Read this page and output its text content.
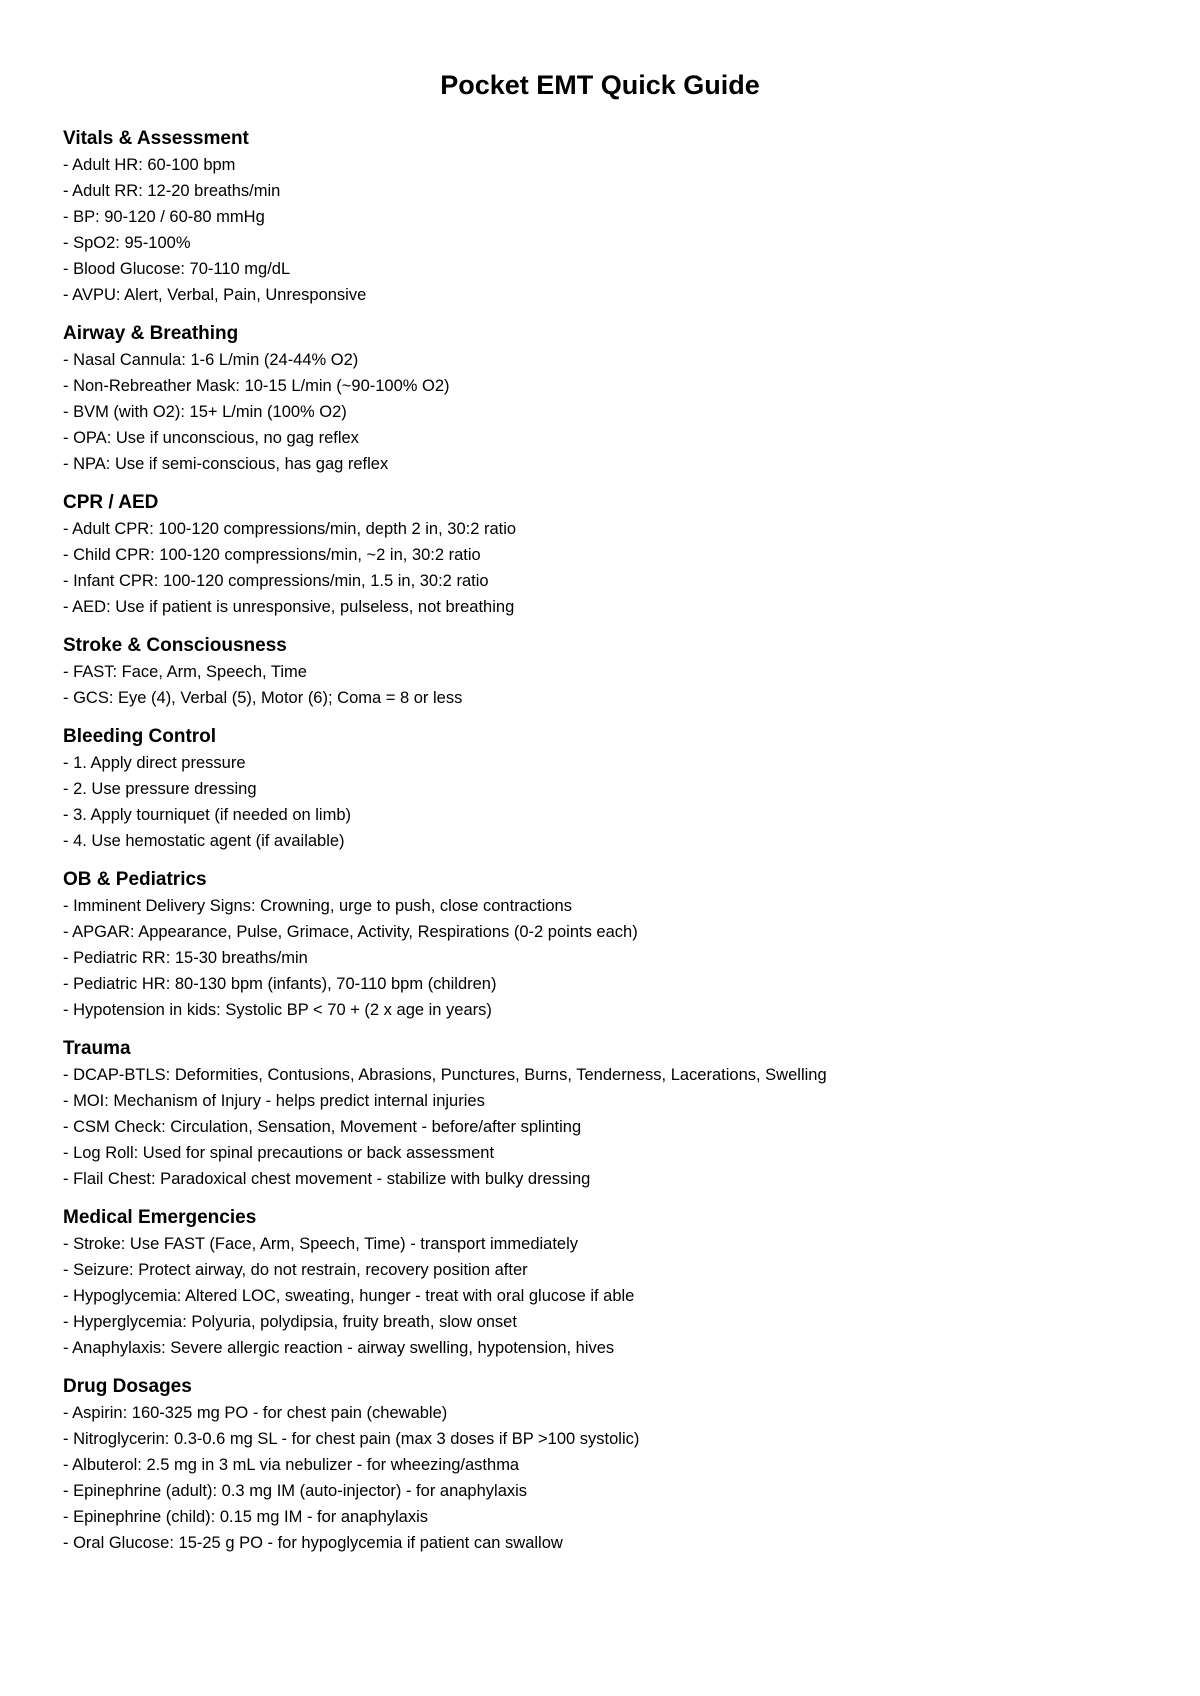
Pocket EMT Quick Guide
Vitals & Assessment
- Adult HR: 60-100 bpm
- Adult RR: 12-20 breaths/min
- BP: 90-120 / 60-80 mmHg
- SpO2: 95-100%
- Blood Glucose: 70-110 mg/dL
- AVPU: Alert, Verbal, Pain, Unresponsive
Airway & Breathing
- Nasal Cannula: 1-6 L/min (24-44% O2)
- Non-Rebreather Mask: 10-15 L/min (~90-100% O2)
- BVM (with O2): 15+ L/min (100% O2)
- OPA: Use if unconscious, no gag reflex
- NPA: Use if semi-conscious, has gag reflex
CPR / AED
- Adult CPR: 100-120 compressions/min, depth 2 in, 30:2 ratio
- Child CPR: 100-120 compressions/min, ~2 in, 30:2 ratio
- Infant CPR: 100-120 compressions/min, 1.5 in, 30:2 ratio
- AED: Use if patient is unresponsive, pulseless, not breathing
Stroke & Consciousness
- FAST: Face, Arm, Speech, Time
- GCS: Eye (4), Verbal (5), Motor (6); Coma = 8 or less
Bleeding Control
- 1. Apply direct pressure
- 2. Use pressure dressing
- 3. Apply tourniquet (if needed on limb)
- 4. Use hemostatic agent (if available)
OB & Pediatrics
- Imminent Delivery Signs: Crowning, urge to push, close contractions
- APGAR: Appearance, Pulse, Grimace, Activity, Respirations (0-2 points each)
- Pediatric RR: 15-30 breaths/min
- Pediatric HR: 80-130 bpm (infants), 70-110 bpm (children)
- Hypotension in kids: Systolic BP < 70 + (2 x age in years)
Trauma
- DCAP-BTLS: Deformities, Contusions, Abrasions, Punctures, Burns, Tenderness, Lacerations, Swelling
- MOI: Mechanism of Injury - helps predict internal injuries
- CSM Check: Circulation, Sensation, Movement - before/after splinting
- Log Roll: Used for spinal precautions or back assessment
- Flail Chest: Paradoxical chest movement - stabilize with bulky dressing
Medical Emergencies
- Stroke: Use FAST (Face, Arm, Speech, Time) - transport immediately
- Seizure: Protect airway, do not restrain, recovery position after
- Hypoglycemia: Altered LOC, sweating, hunger - treat with oral glucose if able
- Hyperglycemia: Polyuria, polydipsia, fruity breath, slow onset
- Anaphylaxis: Severe allergic reaction - airway swelling, hypotension, hives
Drug Dosages
- Aspirin: 160-325 mg PO - for chest pain (chewable)
- Nitroglycerin: 0.3-0.6 mg SL - for chest pain (max 3 doses if BP >100 systolic)
- Albuterol: 2.5 mg in 3 mL via nebulizer - for wheezing/asthma
- Epinephrine (adult): 0.3 mg IM (auto-injector) - for anaphylaxis
- Epinephrine (child): 0.15 mg IM - for anaphylaxis
- Oral Glucose: 15-25 g PO - for hypoglycemia if patient can swallow
